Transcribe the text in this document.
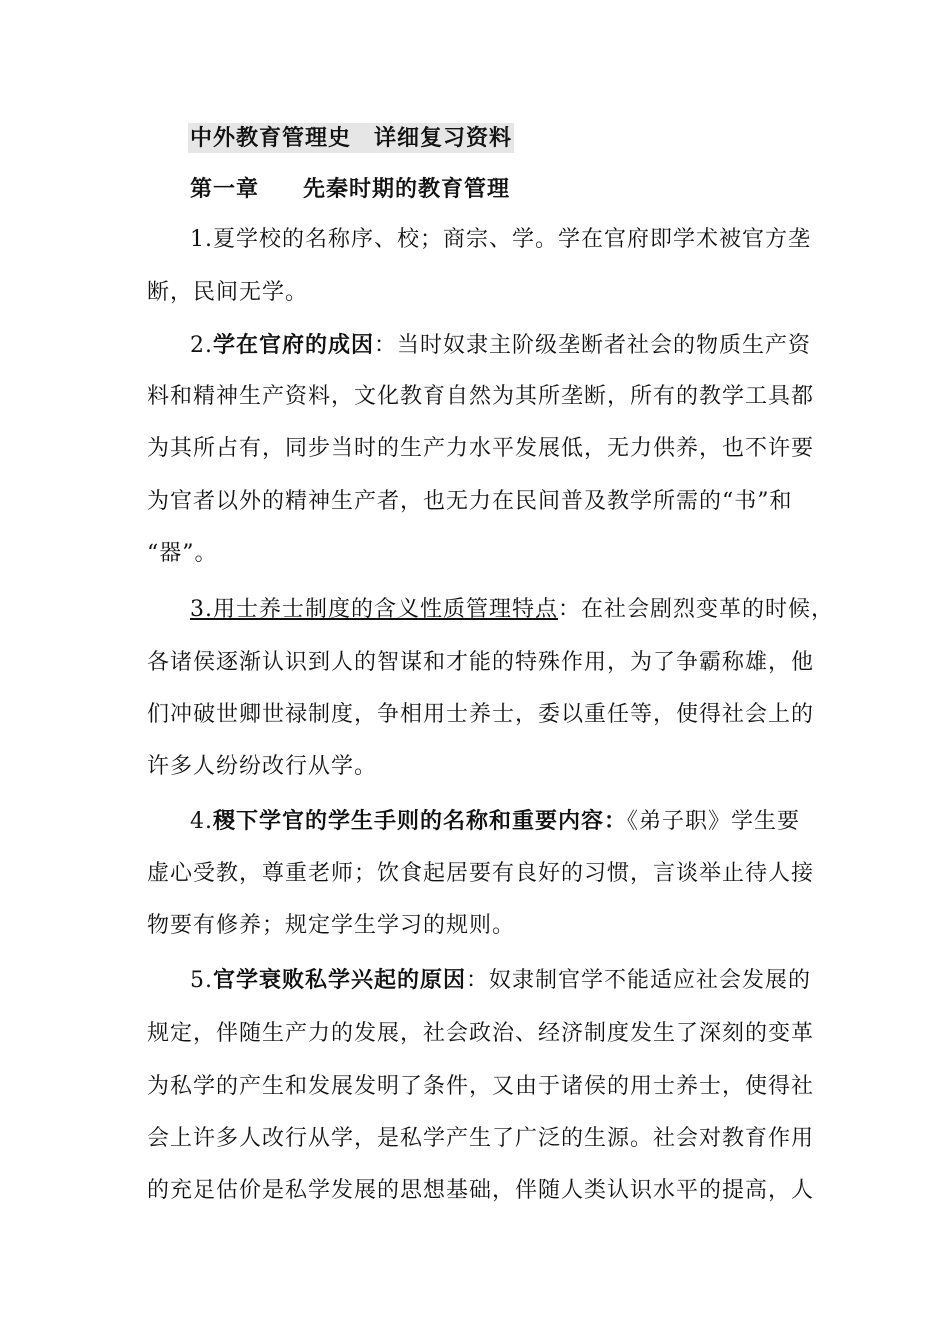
中外教育管理史　详细复习资料
第一章 先秦时期的教育管理
1.夏学校的名称序、校；商宗、学。学在官府即学术被官方垄
断，民间无学。
2.学在官府的成因：当时奴隶主阶级垄断者社会的物质生产资
料和精神生产资料，文化教育自然为其所垄断，所有的教学工具都
为其所占有，同步当时的生产力水平发展低，无力供养，也不许要
为官者以外的精神生产者，也无力在民间普及教学所需的“书”和
“器”。
3.用士养士制度的含义性质管理特点：在社会剧烈变革的时候，
各诸侯逐渐认识到人的智谋和才能的特殊作用，为了争霸称雄，他
们冲破世卿世禄制度，争相用士养士，委以重任等，使得社会上的
许多人纷纷改行从学。
4.稷下学官的学生手则的名称和重要内容：《弟子职》学生要
虚心受教，尊重老师；饮食起居要有良好的习惯，言谈举止待人接
物要有修养；规定学生学习的规则。
5.官学衰败私学兴起的原因：奴隶制官学不能适应社会发展的
规定，伴随生产力的发展，社会政治、经济制度发生了深刻的变革
为私学的产生和发展发明了条件，又由于诸侯的用士养士，使得社
会上许多人改行从学，是私学产生了广泛的生源。社会对教育作用
的充足估价是私学发展的思想基础，伴随人类认识水平的提高，人
